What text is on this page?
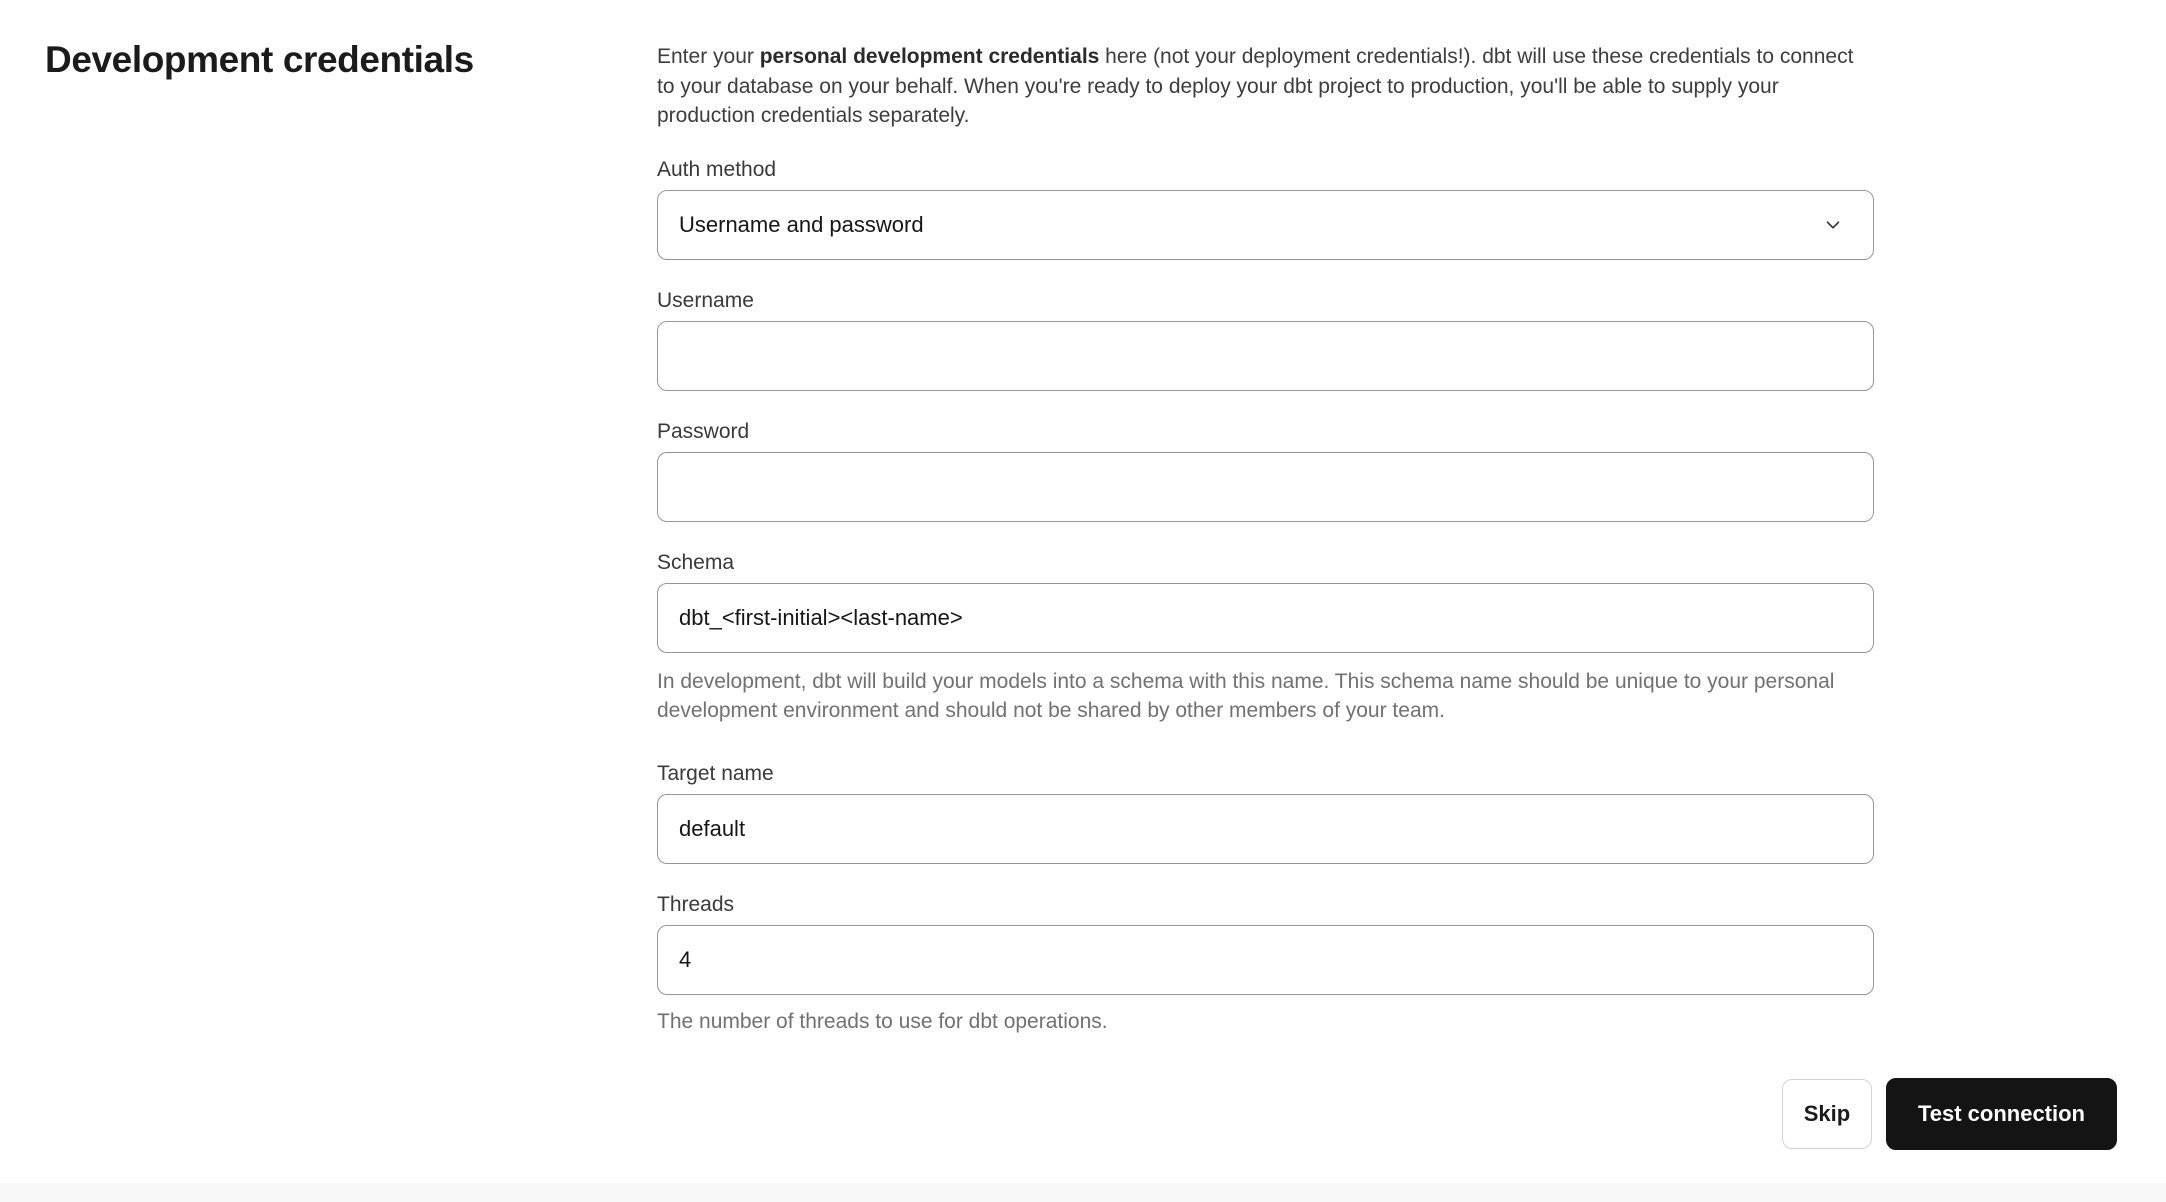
Development credentials	Enter your personal development credentials here (not your deployment credentials!). dbt will use these credentials to connect to your database on your behalf. When you're ready to deploy your dbt project to production, you'll be able to supply your production credentials separately.

Auth method
Username and password
Username
Password
Schema
dbt_<first-initial><last-name>
In development, dbt will build your models into a schema with this name. This schema name should be unique to your personal development environment and should not be shared by other members of your team.
Target name
default
Threads
4
The number of threads to use for dbt operations.
Skip	Test connection
